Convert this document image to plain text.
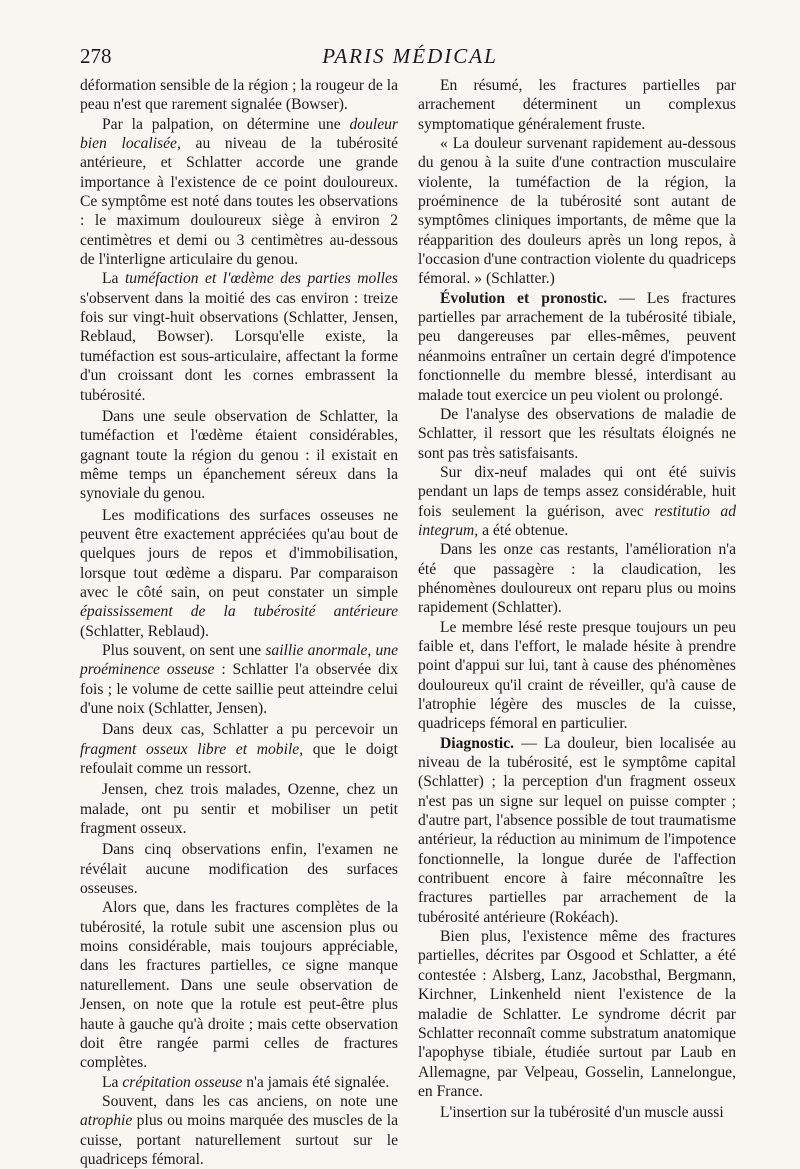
278	PARIS MÉDICAL

déformation sensible de la région ; la rougeur de la peau n'est que rarement signalée (Bowser).

Par la palpation, on détermine une douleur bien localisée, au niveau de la tubérosité antérieure, et Schlatter accorde une grande importance à l'existence de ce point douloureux. Ce symptôme est noté dans toutes les observations : le maximum douloureux siège à environ 2 centimètres et demi ou 3 centimètres au-dessous de l'interligne articulaire du genou.

La tuméfaction et l'œdème des parties molles s'observent dans la moitié des cas environ : treize fois sur vingt-huit observations (Schlatter, Jensen, Reblaud, Bowser). Lorsqu'elle existe, la tuméfaction est sous-articulaire, affectant la forme d'un croissant dont les cornes embrassent la tubérosité.

Dans une seule observation de Schlatter, la tuméfaction et l'œdème étaient considérables, gagnant toute la région du genou : il existait en même temps un épanchement séreux dans la synoviale du genou.

Les modifications des surfaces osseuses ne peuvent être exactement appréciées qu'au bout de quelques jours de repos et d'immobilisation, lorsque tout œdème a disparu. Par comparaison avec le côté sain, on peut constater un simple épaississement de la tubérosité antérieure (Schlatter, Reblaud).

Plus souvent, on sent une saillie anormale, une proéminence osseuse : Schlatter l'a observée dix fois ; le volume de cette saillie peut atteindre celui d'une noix (Schlatter, Jensen).

Dans deux cas, Schlatter a pu percevoir un fragment osseux libre et mobile, que le doigt refoulait comme un ressort.

Jensen, chez trois malades, Ozenne, chez un malade, ont pu sentir et mobiliser un petit fragment osseux.

Dans cinq observations enfin, l'examen ne révélait aucune modification des surfaces osseuses.

Alors que, dans les fractures complètes de la tubérosité, la rotule subit une ascension plus ou moins considérable, mais toujours appréciable, dans les fractures partielles, ce signe manque naturellement. Dans une seule observation de Jensen, on note que la rotule est peut-être plus haute à gauche qu'à droite ; mais cette observation doit être rangée parmi celles de fractures complètes.

La crépitation osseuse n'a jamais été signalée.

Souvent, dans les cas anciens, on note une atrophie plus ou moins marquée des muscles de la cuisse, portant naturellement surtout sur le quadriceps fémoral.

En résumé, les fractures partielles par arrachement déterminent un complexus symptomatique généralement fruste.

« La douleur survenant rapidement au-dessous du genou à la suite d'une contraction musculaire violente, la tuméfaction de la région, la proéminence de la tubérosité sont autant de symptômes cliniques importants, de même que la réapparition des douleurs après un long repos, à l'occasion d'une contraction violente du quadriceps fémoral. » (Schlatter.)

Évolution et pronostic. — Les fractures partielles par arrachement de la tubérosité tibiale, peu dangereuses par elles-mêmes, peuvent néanmoins entraîner un certain degré d'impotence fonctionnelle du membre blessé, interdisant au malade tout exercice un peu violent ou prolongé.

De l'analyse des observations de maladie de Schlatter, il ressort que les résultats éloignés ne sont pas très satisfaisants.

Sur dix-neuf malades qui ont été suivis pendant un laps de temps assez considérable, huit fois seulement la guérison, avec restitutio ad integrum, a été obtenue.

Dans les onze cas restants, l'amélioration n'a été que passagère : la claudication, les phénomènes douloureux ont reparu plus ou moins rapidement (Schlatter).

Le membre lésé reste presque toujours un peu faible et, dans l'effort, le malade hésite à prendre point d'appui sur lui, tant à cause des phénomènes douloureux qu'il craint de réveiller, qu'à cause de l'atrophie légère des muscles de la cuisse, quadriceps fémoral en particulier.

Diagnostic. — La douleur, bien localisée au niveau de la tubérosité, est le symptôme capital (Schlatter) ; la perception d'un fragment osseux n'est pas un signe sur lequel on puisse compter ; d'autre part, l'absence possible de tout traumatisme antérieur, la réduction au minimum de l'impotence fonctionnelle, la longue durée de l'affection contribuent encore à faire méconnaître les fractures partielles par arrachement de la tubérosité antérieure (Rokéach).

Bien plus, l'existence même des fractures partielles, décrites par Osgood et Schlatter, a été contestée : Alsberg, Lanz, Jacobsthal, Bergmann, Kirchner, Linkenheld nient l'existence de la maladie de Schlatter. Le syndrome décrit par Schlatter reconnaît comme substratum anatomique l'apophyse tibiale, étudiée surtout par Laub en Allemagne, par Velpeau, Gosselin, Lannelongue, en France.

L'insertion sur la tubérosité d'un muscle aussi
